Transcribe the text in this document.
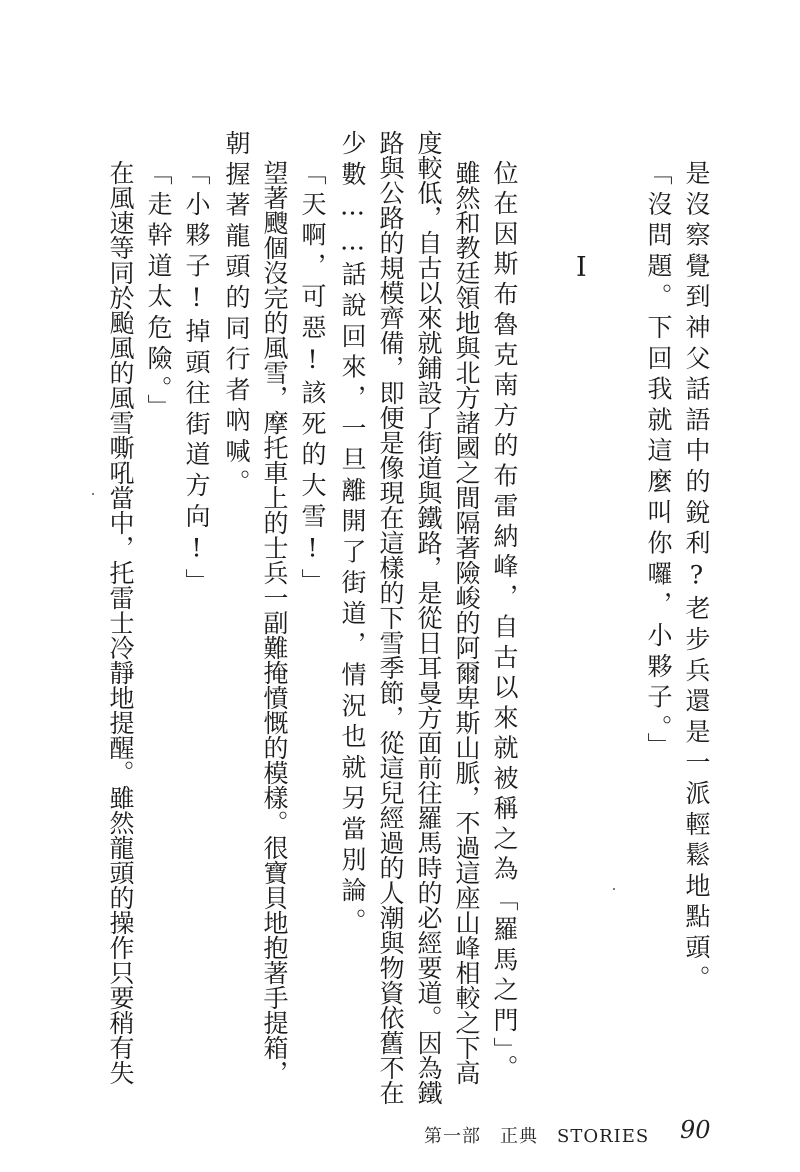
是沒察覺到神父話語中的銳利?老步兵還是一派輕鬆地點頭。
「沒問題。下回我就這麼叫你囉，小夥子。」
I
位在因斯布魯克南方的布雷納峰，自古以來就被稱之為「羅馬之門」。
雖然和教廷領地與北方諸國之間隔著險峻的阿爾卑斯山脈，不過這座山峰相較之下高
度較低，自古以來就鋪設了街道與鐵路，是從日耳曼方面前往羅馬時的必經要道。因為鐵
路與公路的規模齊備，即便是像現在這樣的下雪季節，從這兒經過的人潮與物資依舊不在
少數……話說回來，一旦離開了街道，情況也就另當別論。
「天啊，可惡!該死的大雪!」
望著颼個沒完的風雪，摩托車上的士兵一副難掩憤慨的模樣。很寶貝地抱著手提箱，
朝握著龍頭的同行者吶喊。
「小夥子!掉頭往街道方向!」
「走幹道太危險。」
在風速等同於颱風的風雪嘶吼當中，托雷士冷靜地提醒。雖然龍頭的操作只要稍有失
第一部　正典　STORIES 90
